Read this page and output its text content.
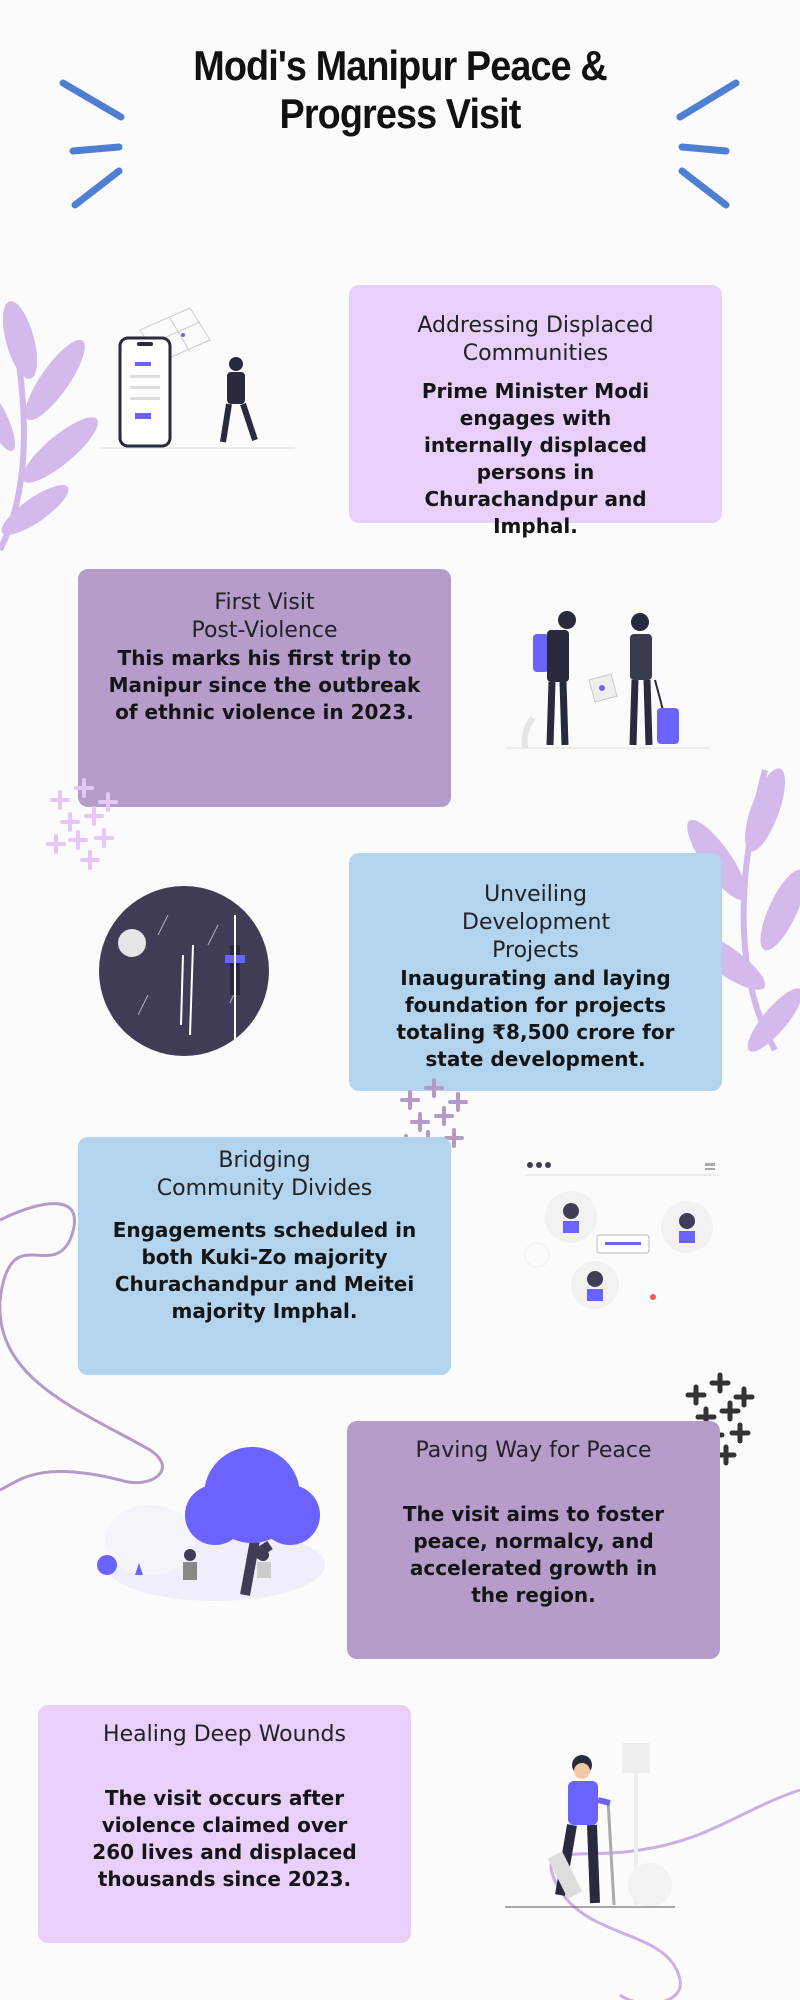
Modi's Manipur Peace & Progress Visit
Addressing Displaced Communities

Prime Minister Modi engages with internally displaced persons in Churachandpur and Imphal.

First Visit Post-Violence

This marks his first trip to Manipur since the outbreak of ethnic violence in 2023.

Unveiling Development Projects

Inaugurating and laying foundation for projects totaling ₹8,500 crore for state development.

Bridging Community Divides

Engagements scheduled in both Kuki-Zo majority Churachandpur and Meitei majority Imphal.

Paving Way for Peace

The visit aims to foster peace, normalcy, and accelerated growth in the region.

Healing Deep Wounds

The visit occurs after violence claimed over 260 lives and displaced thousands since 2023.
